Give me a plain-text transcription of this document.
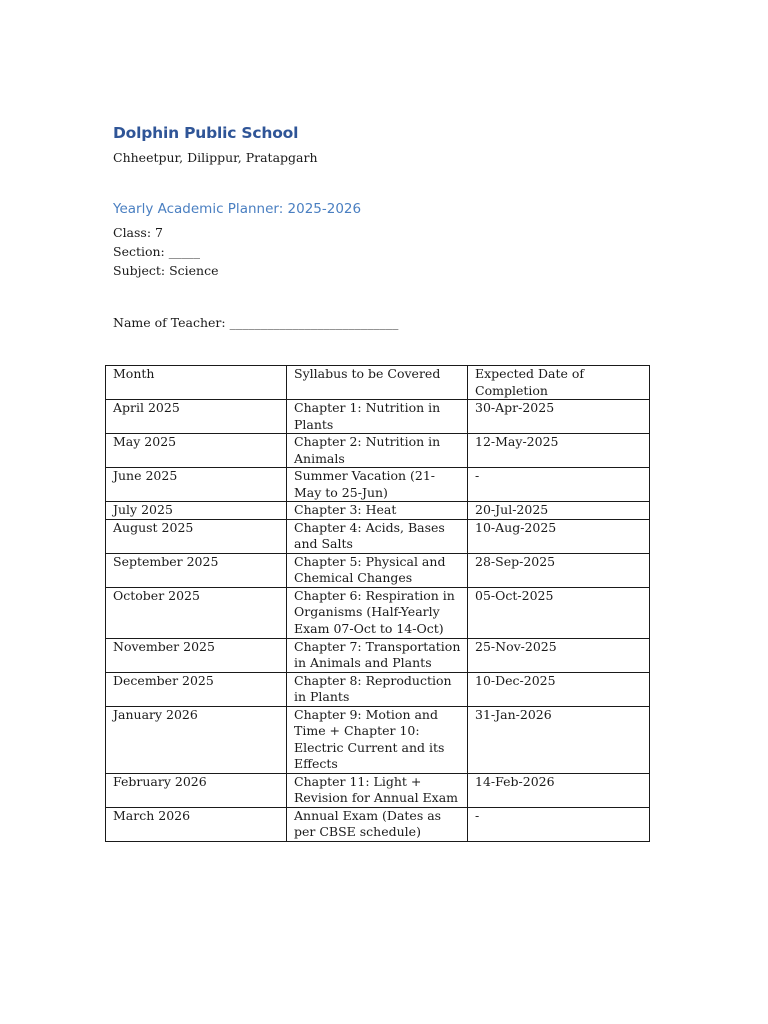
Dolphin Public School
Chheetpur, Dilippur, Pratapgarh
Yearly Academic Planner: 2025-2026
Class: 7
Section: _____
Subject: Science
Name of Teacher: ___________________________
Month	Syllabus to be Covered	Expected Date of Completion
April 2025	Chapter 1: Nutrition in Plants	30-Apr-2025
May 2025	Chapter 2: Nutrition in Animals	12-May-2025
June 2025	Summer Vacation (21-May to 25-Jun)	-
July 2025	Chapter 3: Heat	20-Jul-2025
August 2025	Chapter 4: Acids, Bases and Salts	10-Aug-2025
September 2025	Chapter 5: Physical and Chemical Changes	28-Sep-2025
October 2025	Chapter 6: Respiration in Organisms (Half-Yearly Exam 07-Oct to 14-Oct)	05-Oct-2025
November 2025	Chapter 7: Transportation in Animals and Plants	25-Nov-2025
December 2025	Chapter 8: Reproduction in Plants	10-Dec-2025
January 2026	Chapter 9: Motion and Time + Chapter 10: Electric Current and its Effects	31-Jan-2026
February 2026	Chapter 11: Light + Revision for Annual Exam	14-Feb-2026
March 2026	Annual Exam (Dates as per CBSE schedule)	-
